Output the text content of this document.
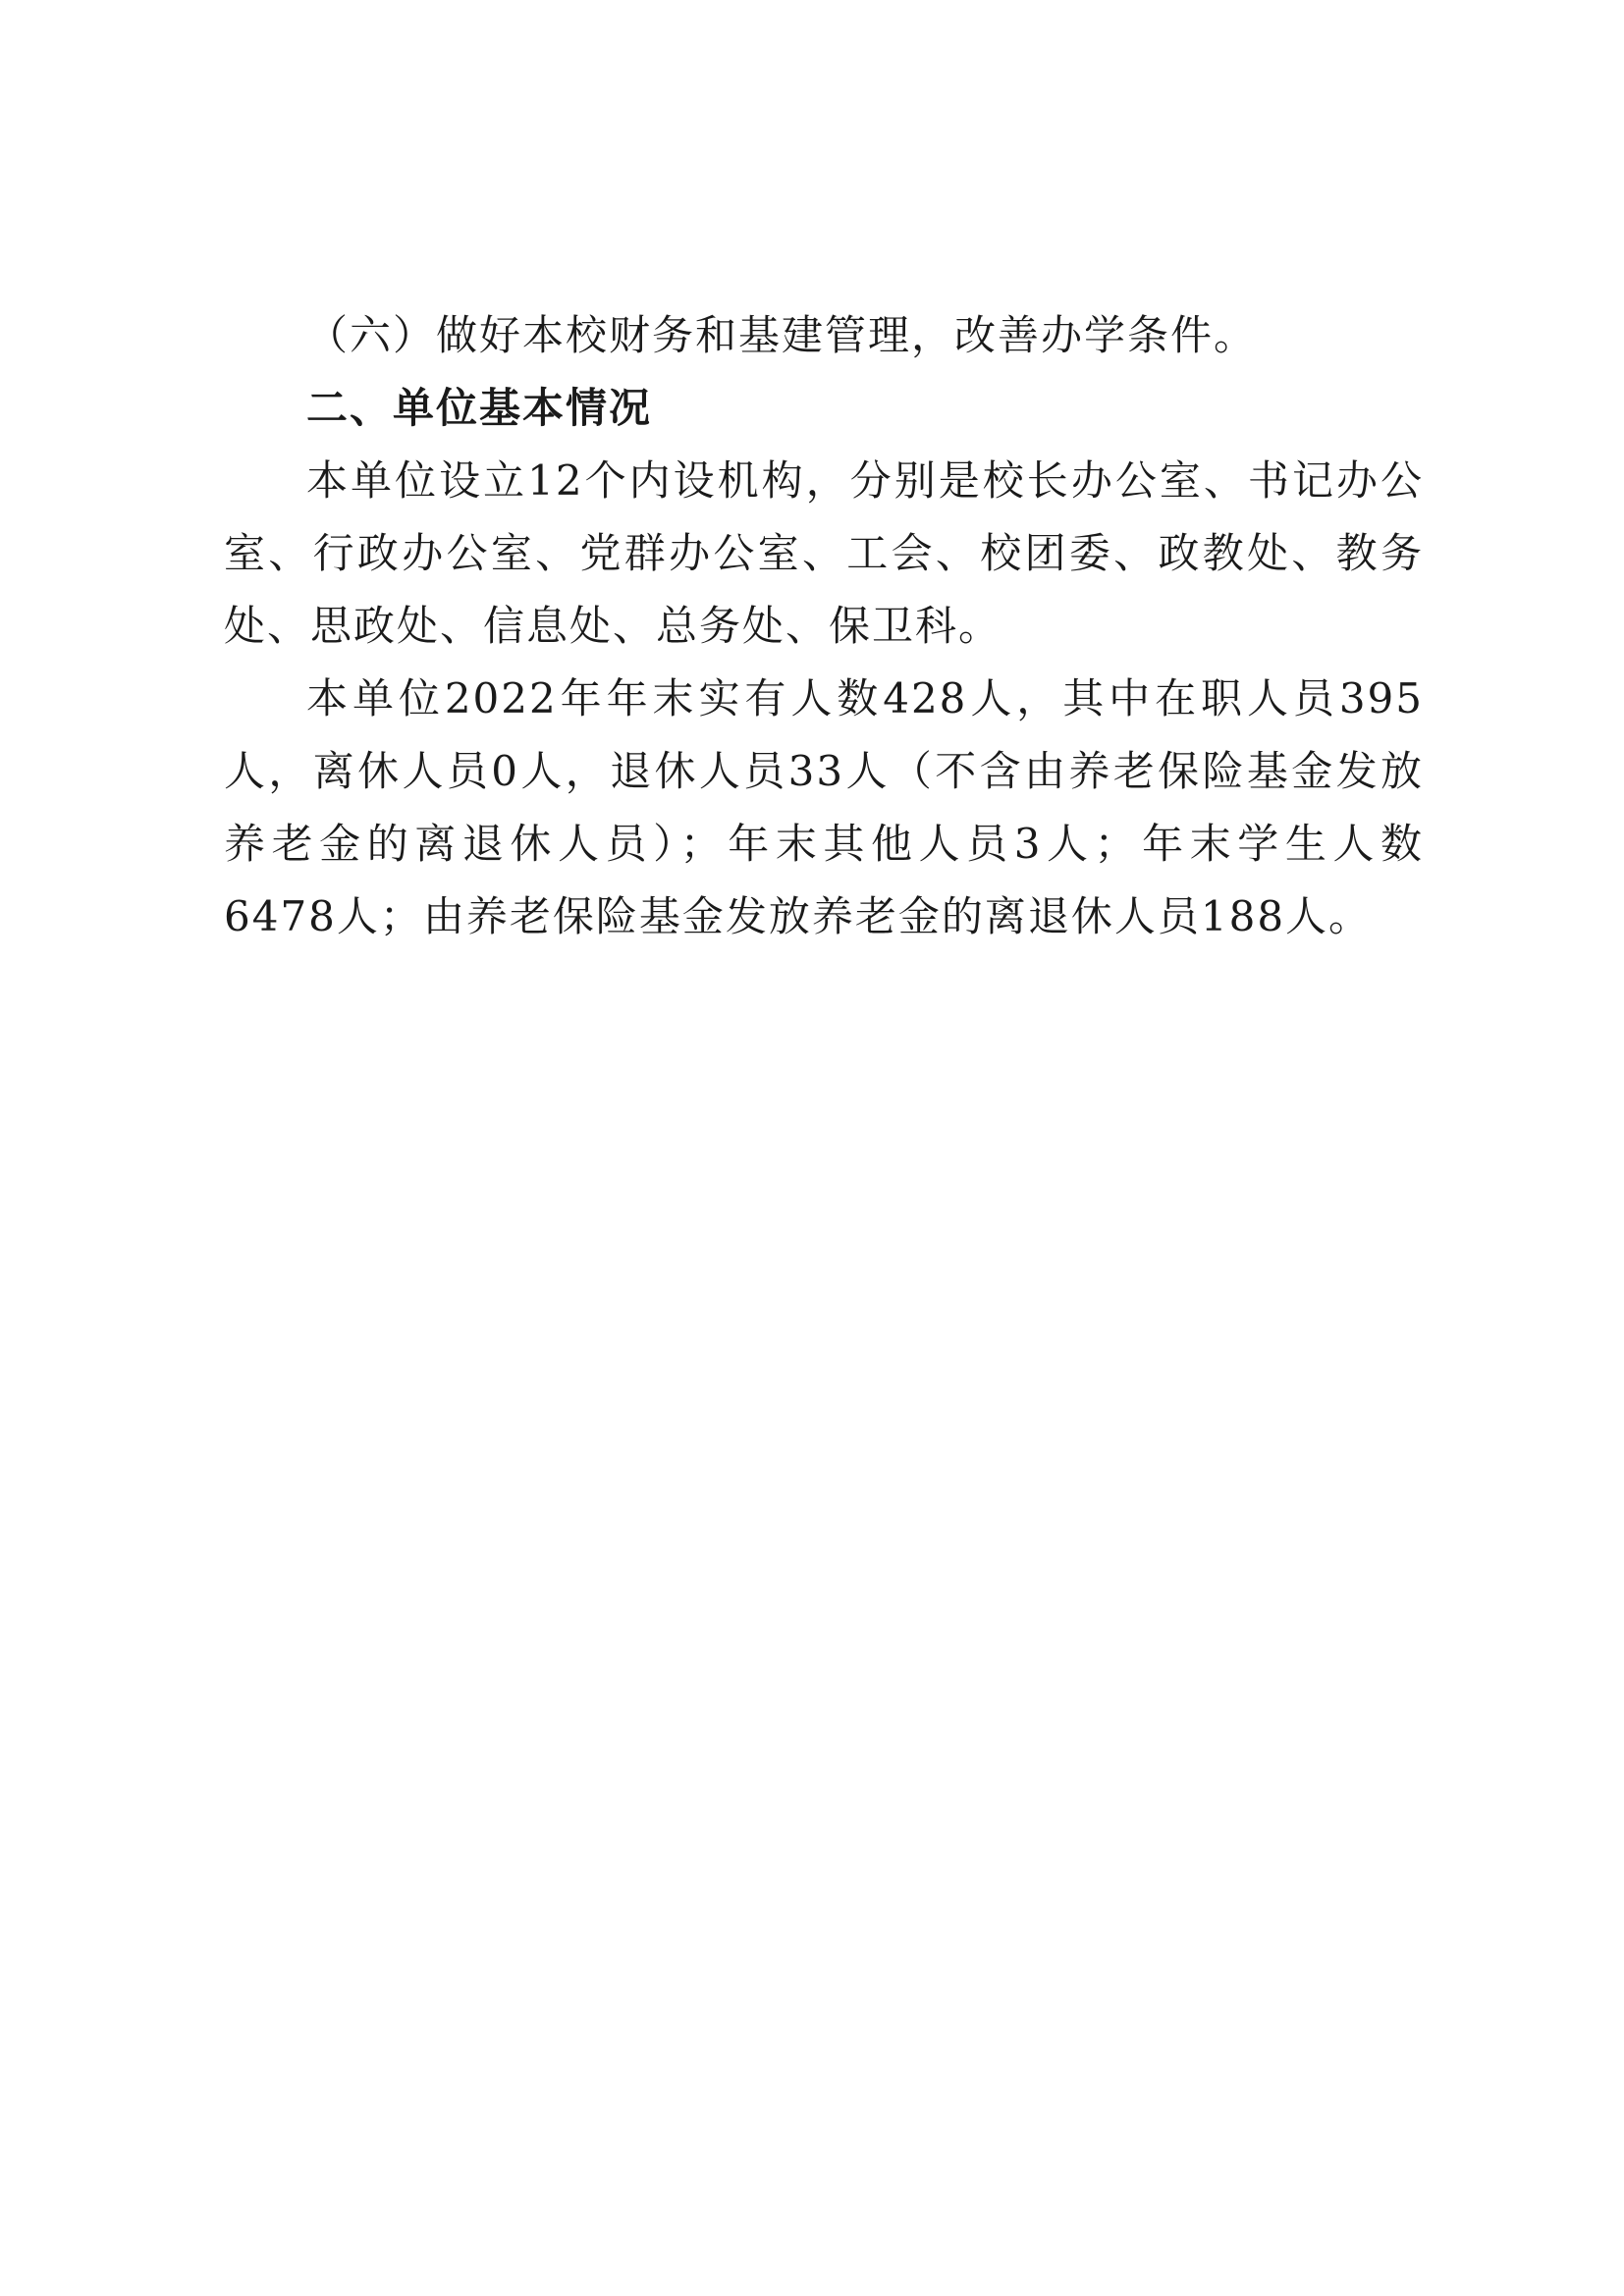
（六）做好本校财务和基建管理，改善办学条件。

二、单位基本情况

本单位设立12个内设机构，分别是校长办公室、书记办公室、行政办公室、党群办公室、工会、校团委、政教处、教务处、思政处、信息处、总务处、保卫科。

本单位2022年年末实有人数428人，其中在职人员395人，离休人员0人，退休人员33人（不含由养老保险基金发放养老金的离退休人员）；年末其他人员3人；年末学生人数6478人；由养老保险基金发放养老金的离退休人员188人。
